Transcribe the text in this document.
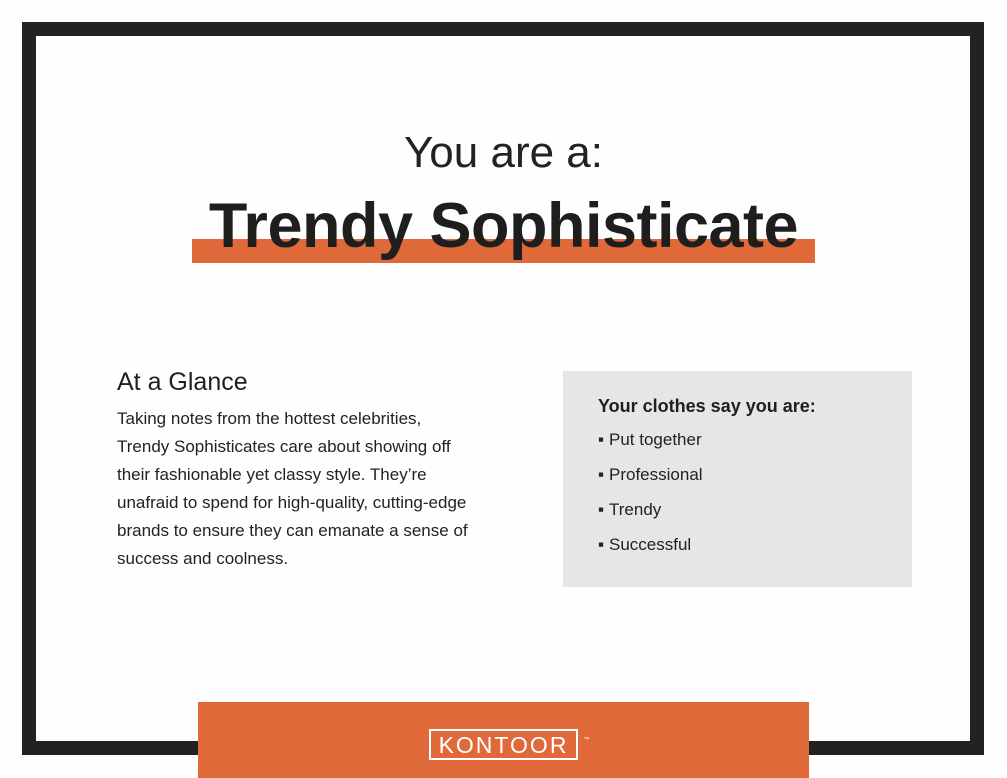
You are a:
Trendy Sophisticate
At a Glance

Taking notes from the hottest celebrities, Trendy Sophisticates care about showing off their fashionable yet classy style. They’re unafraid to spend for high-quality, cutting-edge brands to ensure they can emanate a sense of success and coolness.

Your clothes say you are:
▪ Put together
▪ Professional
▪ Trendy
▪ Successful
KONTOOR	™
